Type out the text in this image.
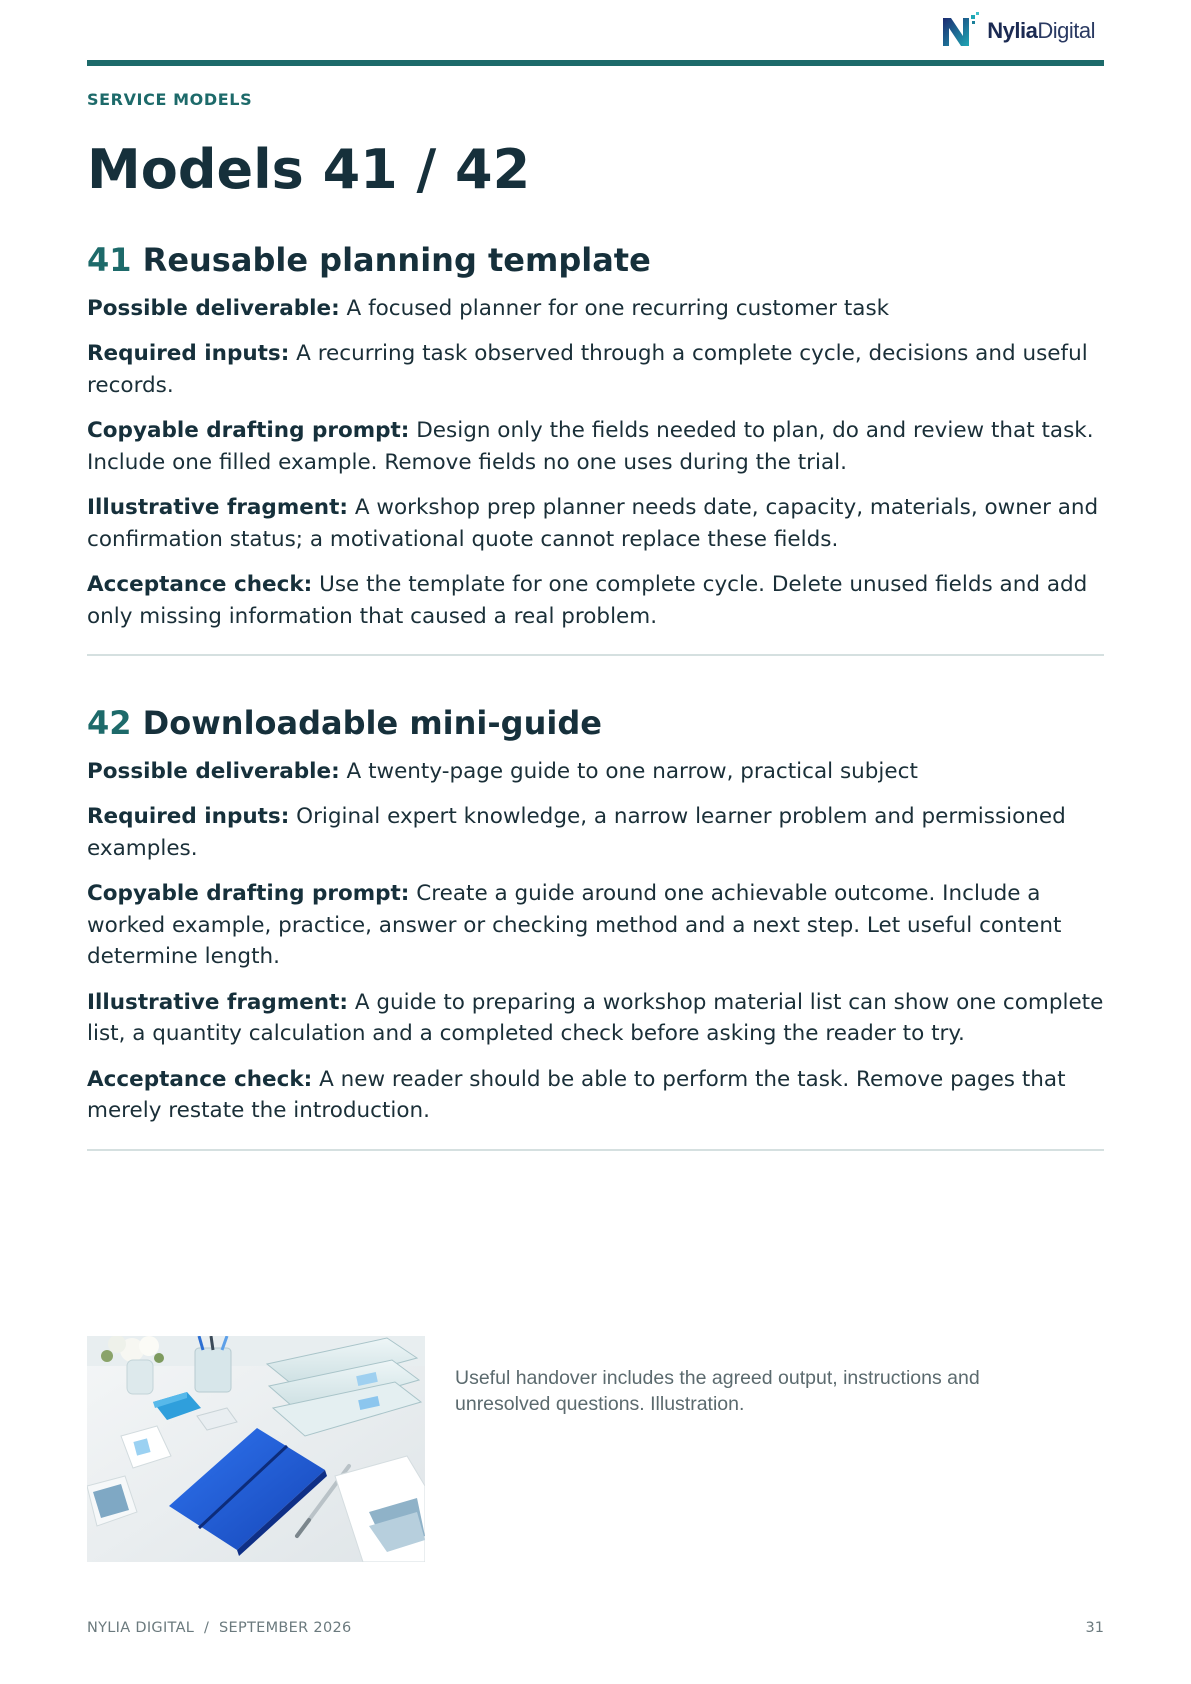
NyliaDigital
SERVICE MODELS
Models 41 / 42
41 Reusable planning template

Possible deliverable: A focused planner for one recurring customer task

Required inputs: A recurring task observed through a complete cycle, decisions and useful records.

Copyable drafting prompt: Design only the fields needed to plan, do and review that task. Include one filled example. Remove fields no one uses during the trial.

Illustrative fragment: A workshop prep planner needs date, capacity, materials, owner and confirmation status; a motivational quote cannot replace these fields.

Acceptance check: Use the template for one complete cycle. Delete unused fields and add only missing information that caused a real problem.

42 Downloadable mini-guide

Possible deliverable: A twenty-page guide to one narrow, practical subject

Required inputs: Original expert knowledge, a narrow learner problem and permissioned examples.

Copyable drafting prompt: Create a guide around one achievable outcome. Include a worked example, practice, answer or checking method and a next step. Let useful content determine length.

Illustrative fragment: A guide to preparing a workshop material list can show one complete list, a quantity calculation and a completed check before asking the reader to try.

Acceptance check: A new reader should be able to perform the task. Remove pages that merely restate the introduction.

Useful handover includes the agreed output, instructions and unresolved questions. Illustration.

NYLIA DIGITAL  /  SEPTEMBER 2026	31
